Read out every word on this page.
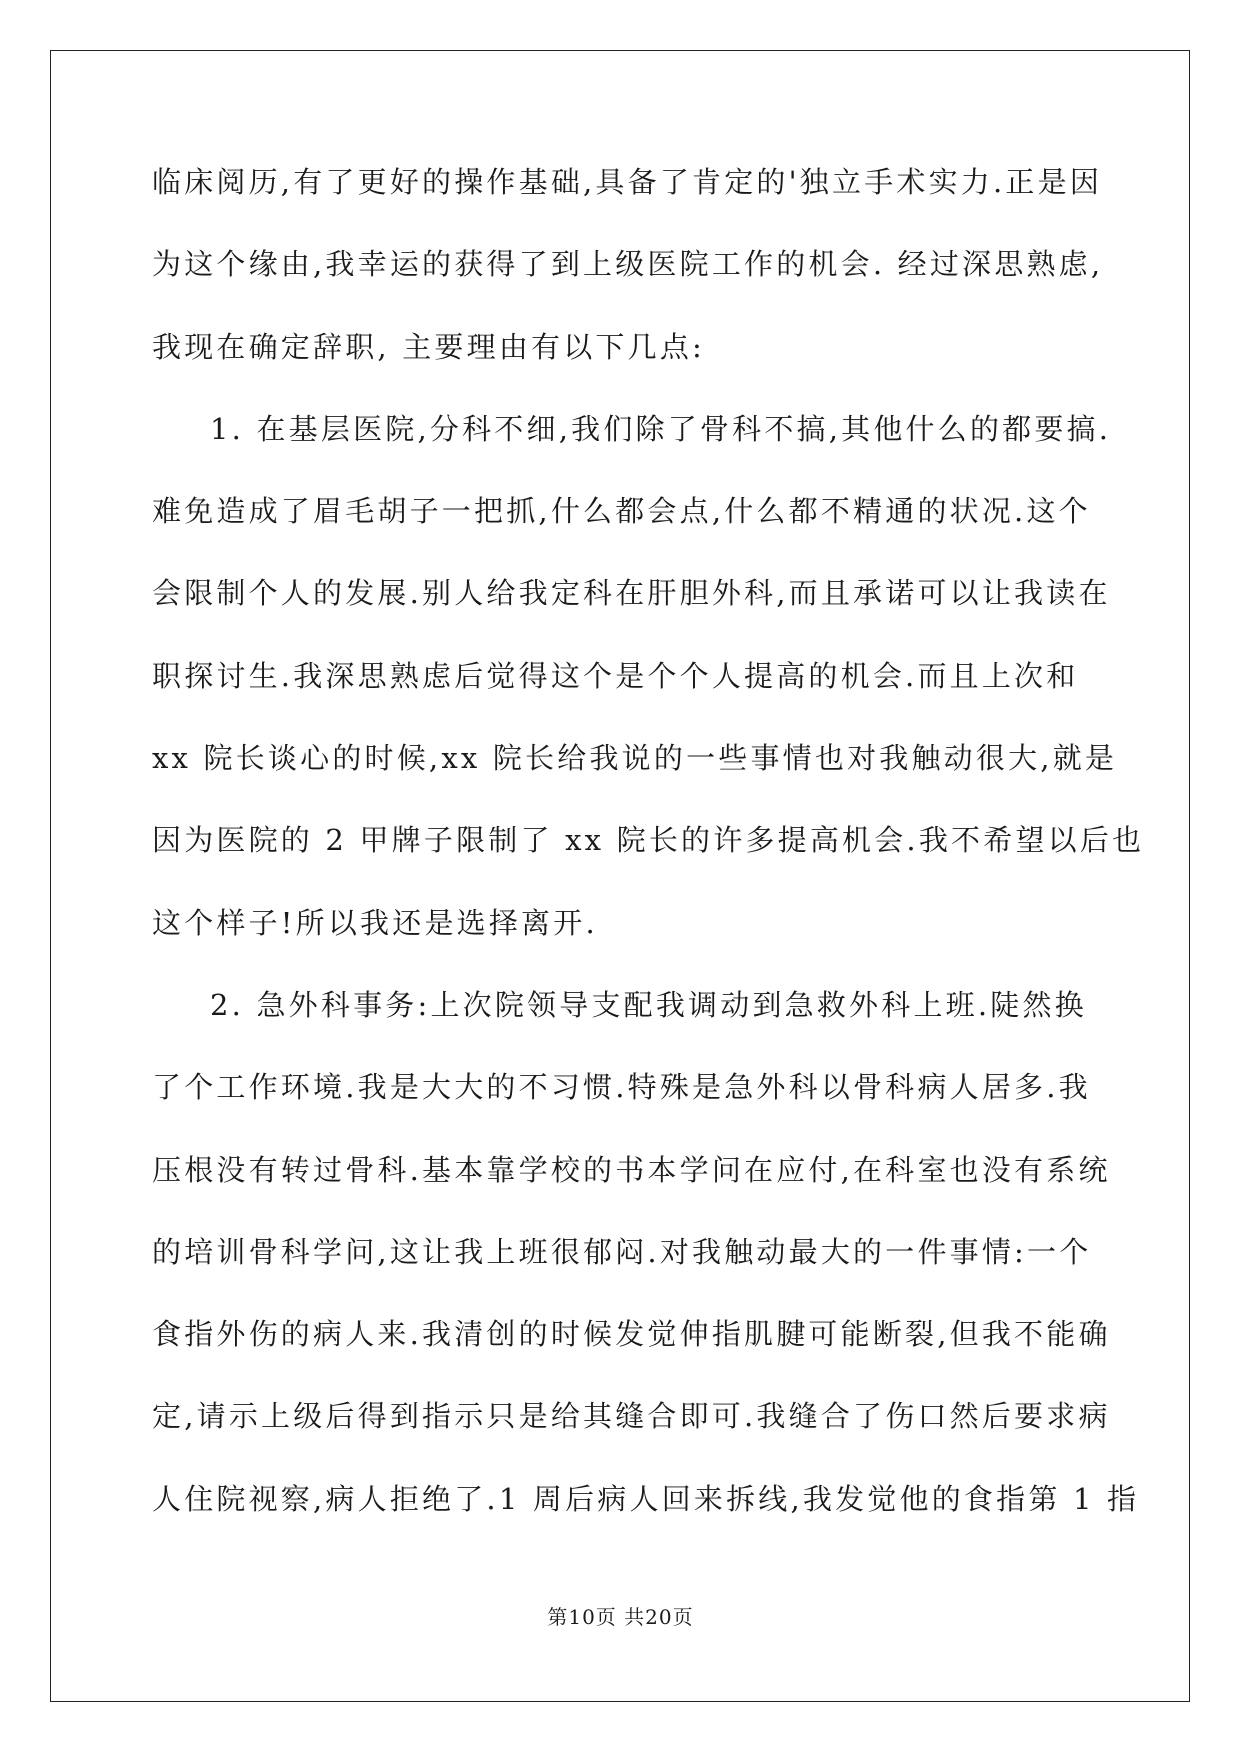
临床阅历,有了更好的操作基础,具备了肯定的'独立手术实力.正是因
为这个缘由,我幸运的获得了到上级医院工作的机会. 经过深思熟虑,
我现在确定辞职, 主要理由有以下几点:
1. 在基层医院,分科不细,我们除了骨科不搞,其他什么的都要搞.
难免造成了眉毛胡子一把抓,什么都会点,什么都不精通的状况.这个
会限制个人的发展.别人给我定科在肝胆外科,而且承诺可以让我读在
职探讨生.我深思熟虑后觉得这个是个个人提高的机会.而且上次和
xx 院长谈心的时候,xx 院长给我说的一些事情也对我触动很大,就是
因为医院的 2 甲牌子限制了 xx 院长的许多提高机会.我不希望以后也
这个样子!所以我还是选择离开.
2. 急外科事务:上次院领导支配我调动到急救外科上班.陡然换
了个工作环境.我是大大的不习惯.特殊是急外科以骨科病人居多.我
压根没有转过骨科.基本靠学校的书本学问在应付,在科室也没有系统
的培训骨科学问,这让我上班很郁闷.对我触动最大的一件事情:一个
食指外伤的病人来.我清创的时候发觉伸指肌腱可能断裂,但我不能确
定,请示上级后得到指示只是给其缝合即可.我缝合了伤口然后要求病
人住院视察,病人拒绝了.1 周后病人回来拆线,我发觉他的食指第 1 指
第10页 共20页
